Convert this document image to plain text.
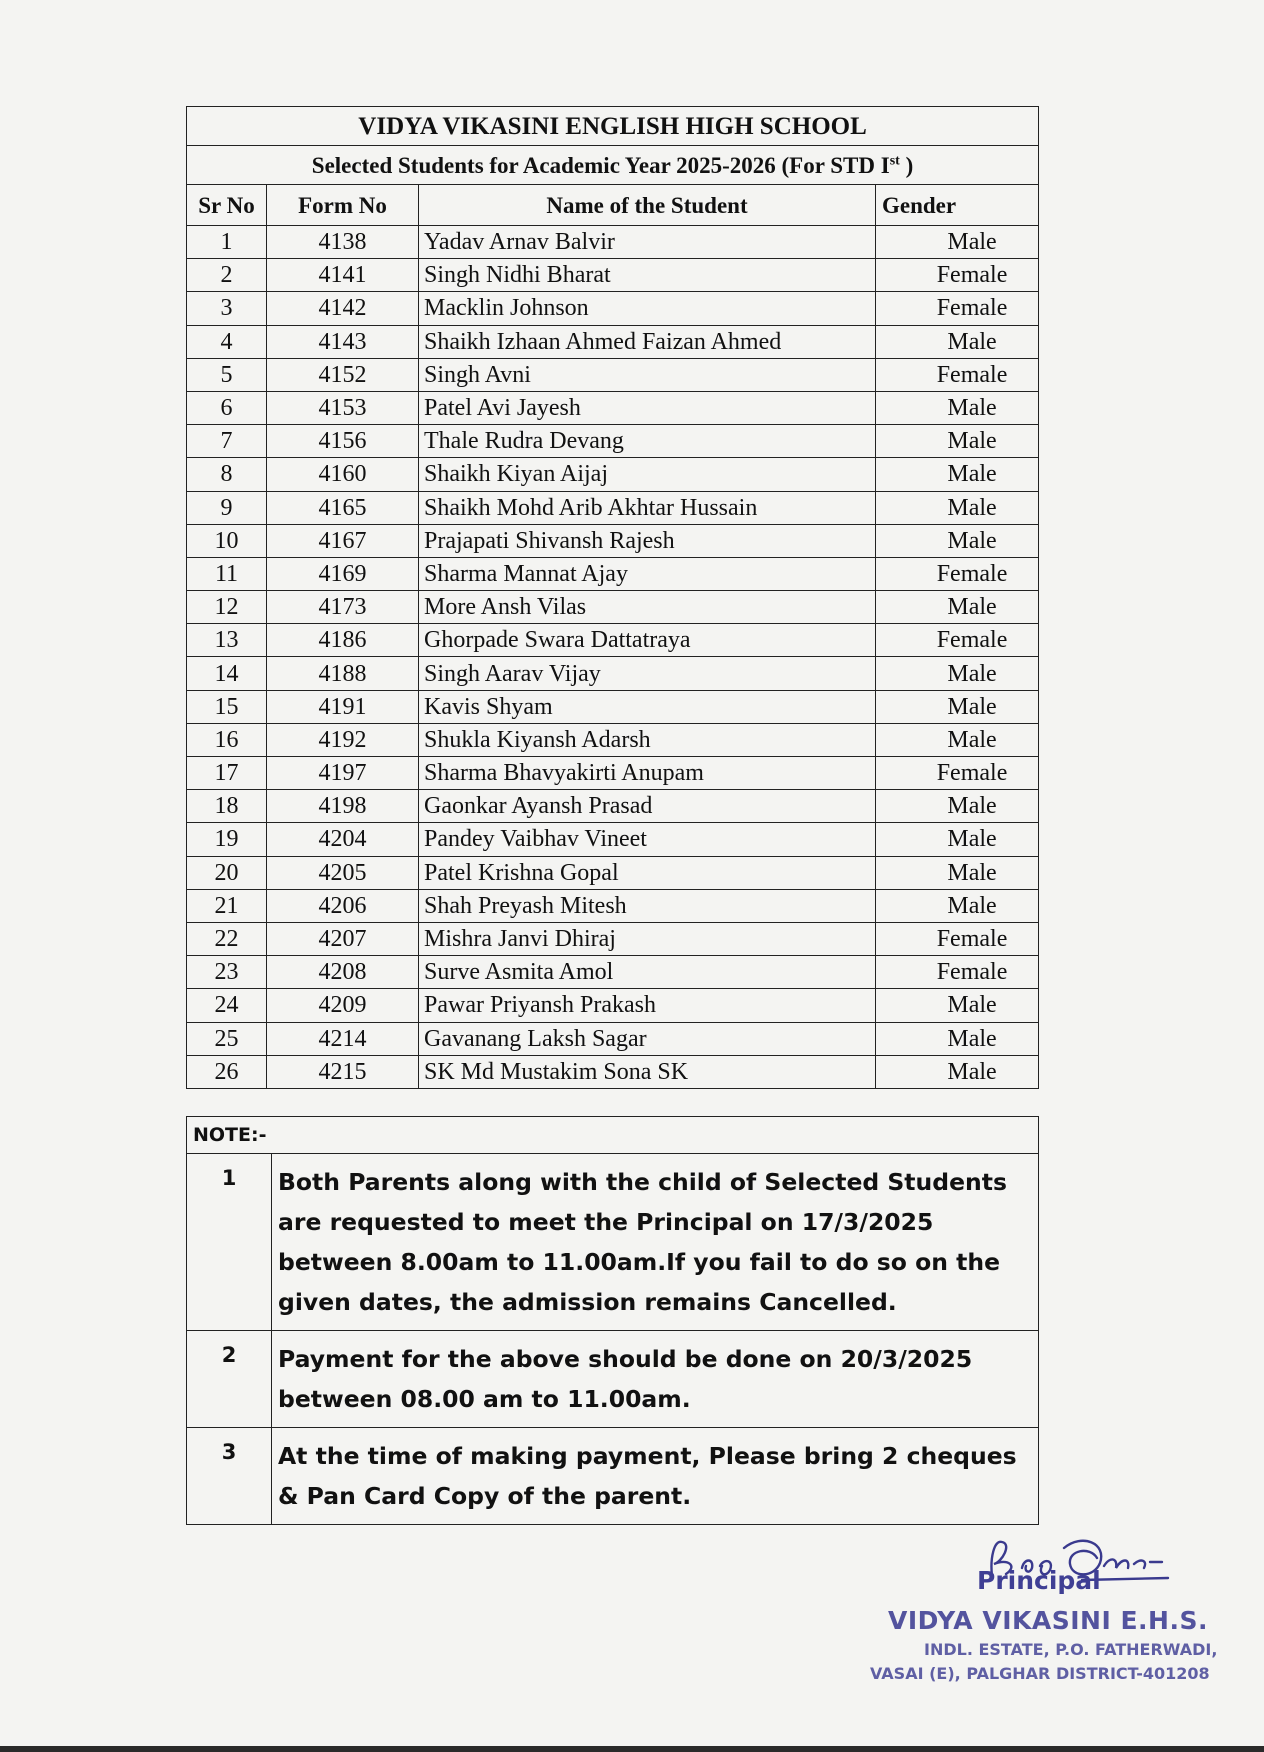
VIDYA VIKASINI ENGLISH HIGH SCHOOL			
Selected Students for Academic Year 2025-2026 (For STD Ist )			
Sr No	Form No	Name of the Student	Gender
1	4138	Yadav Arnav Balvir	Male
2	4141	Singh Nidhi Bharat	Female
3	4142	Macklin Johnson	Female
4	4143	Shaikh Izhaan Ahmed Faizan Ahmed	Male
5	4152	Singh Avni	Female
6	4153	Patel Avi Jayesh	Male
7	4156	Thale Rudra Devang	Male
8	4160	Shaikh Kiyan Aijaj	Male
9	4165	Shaikh Mohd Arib Akhtar Hussain	Male
10	4167	Prajapati Shivansh Rajesh	Male
11	4169	Sharma Mannat Ajay	Female
12	4173	More Ansh Vilas	Male
13	4186	Ghorpade Swara Dattatraya	Female
14	4188	Singh Aarav Vijay	Male
15	4191	Kavis Shyam	Male
16	4192	Shukla Kiyansh Adarsh	Male
17	4197	Sharma Bhavyakirti Anupam	Female
18	4198	Gaonkar Ayansh Prasad	Male
19	4204	Pandey Vaibhav Vineet	Male
20	4205	Patel Krishna Gopal	Male
21	4206	Shah Preyash Mitesh	Male
22	4207	Mishra Janvi Dhiraj	Female
23	4208	Surve Asmita Amol	Female
24	4209	Pawar Priyansh Prakash	Male
25	4214	Gavanang Laksh Sagar	Male
26	4215	SK Md Mustakim Sona SK	Male
NOTE:-	
1	Both Parents along with the child of Selected Students are requested to meet the Principal on 17/3/2025 between 8.00am to 11.00am.If you fail to do so on the given dates, the admission remains Cancelled.
2	Payment for the above should be done on 20/3/2025 between 08.00 am to 11.00am.
3	At the time of making payment, Please bring 2 cheques & Pan Card Copy of the parent.
Principal
VIDYA VIKASINI E.H.S.
INDL. ESTATE, P.O. FATHERWADI,
VASAI (E), PALGHAR DISTRICT-401208
